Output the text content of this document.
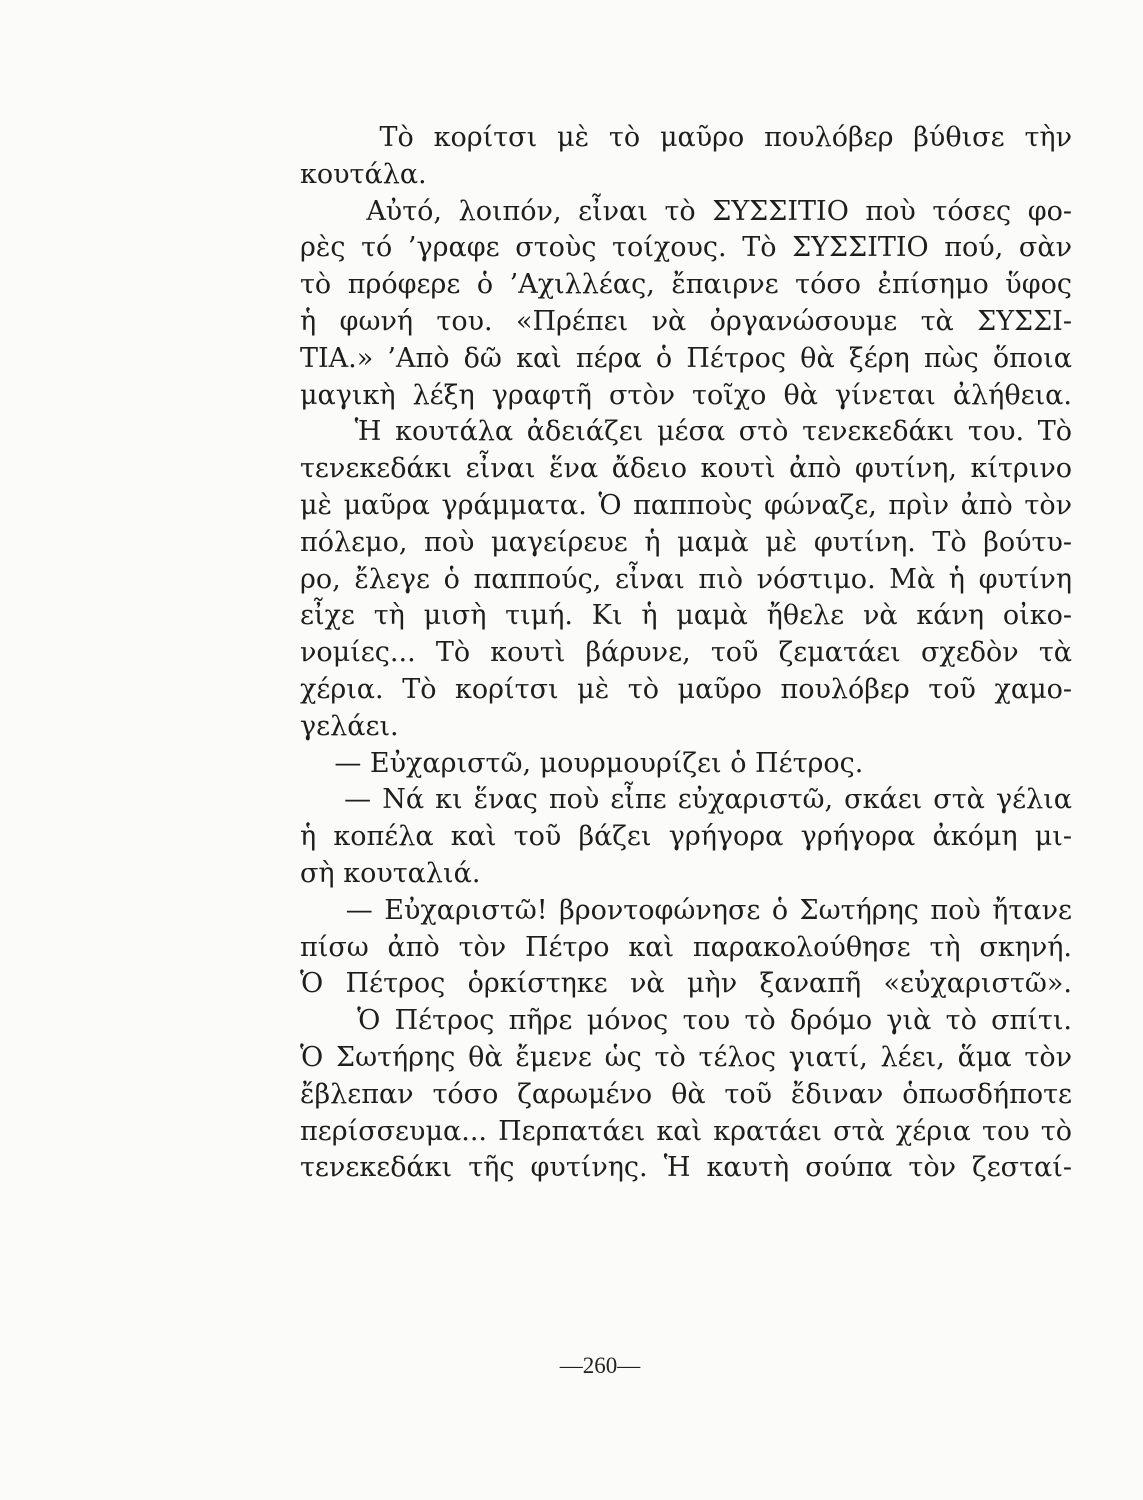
Τὸ κορίτσι μὲ τὸ μαῦρο πουλόβερ βύθισε τὴν
κουτάλα.
Αὐτό, λοιπόν, εἶναι τὸ ΣΥΣΣΙΤΙΟ ποὺ τόσες φο-
ρὲς τό ’γραφε στοὺς τοίχους. Τὸ ΣΥΣΣΙΤΙΟ πού, σὰν
τὸ πρόφερε ὁ ’Αχιλλέας, ἔπαιρνε τόσο ἐπίσημο ὕφος
ἡ φωνή του. «Πρέπει νὰ ὀργανώσουμε τὰ ΣΥΣΣΙ-
ΤΙΑ.» ’Απὸ δῶ καὶ πέρα ὁ Πέτρος θὰ ξέρη πὼς ὅποια
μαγικὴ λέξη γραφτῆ στὸν τοῖχο θὰ γίνεται ἀλήθεια.
Ἡ κουτάλα ἀδειάζει μέσα στὸ τενεκεδάκι του. Τὸ
τενεκεδάκι εἶναι ἕνα ἄδειο κουτὶ ἀπὸ φυτίνη, κίτρινο
μὲ μαῦρα γράμματα. Ὁ παπποὺς φώναζε, πρὶν ἀπὸ τὸν
πόλεμο, ποὺ μαγείρευε ἡ μαμὰ μὲ φυτίνη. Τὸ βούτυ-
ρο, ἔλεγε ὁ παππούς, εἶναι πιὸ νόστιμο. Μὰ ἡ φυτίνη
εἶχε τὴ μισὴ τιμή. Κι ἡ μαμὰ ἤθελε νὰ κάνη οἰκο-
νομίες... Τὸ κουτὶ βάρυνε, τοῦ ζεματάει σχεδὸν τὰ
χέρια. Τὸ κορίτσι μὲ τὸ μαῦρο πουλόβερ τοῦ χαμο-
γελάει.
— Εὐχαριστῶ, μουρμουρίζει ὁ Πέτρος.
— Νά κι ἕνας ποὺ εἶπε εὐχαριστῶ, σκάει στὰ γέλια
ἡ κοπέλα καὶ τοῦ βάζει γρήγορα γρήγορα ἀκόμη μι-
σὴ κουταλιά.
— Εὐχαριστῶ! βροντοφώνησε ὁ Σωτήρης ποὺ ἤτανε
πίσω ἀπὸ τὸν Πέτρο καὶ παρακολούθησε τὴ σκηνή.
Ὁ Πέτρος ὁρκίστηκε νὰ μὴν ξαναπῆ «εὐχαριστῶ».
Ὁ Πέτρος πῆρε μόνος του τὸ δρόμο γιὰ τὸ σπίτι.
Ὁ Σωτήρης θὰ ἔμενε ὡς τὸ τέλος γιατί, λέει, ἅμα τὸν
ἔβλεπαν τόσο ζαρωμένο θὰ τοῦ ἔδιναν ὁπωσδήποτε
περίσσευμα... Περπατάει καὶ κρατάει στὰ χέρια του τὸ
τενεκεδάκι τῆς φυτίνης. Ἡ καυτὴ σούπα τὸν ζεσταί-
—260—
